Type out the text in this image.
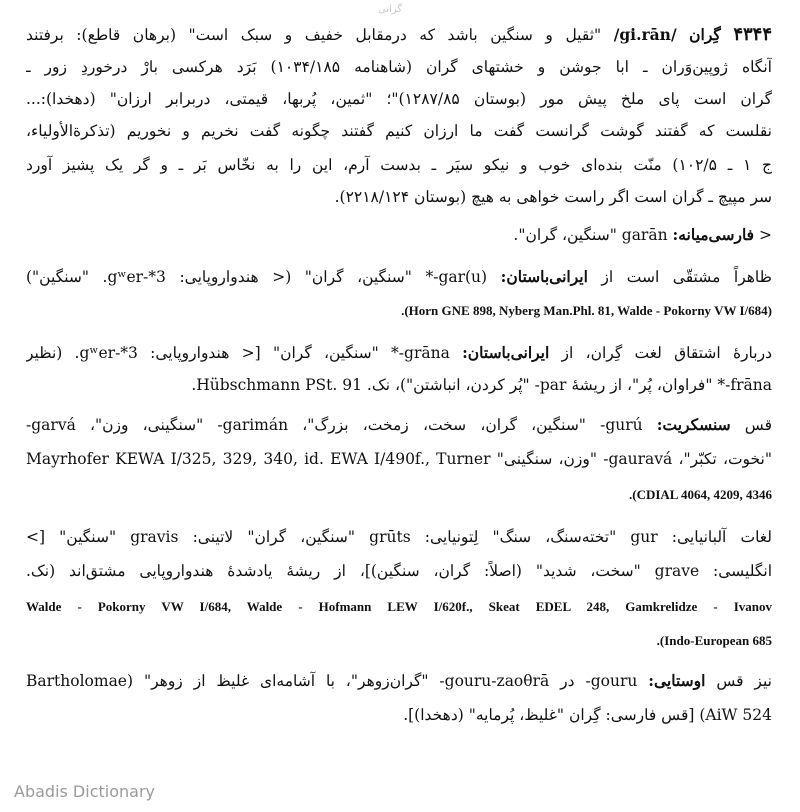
گرانی
۴۳۴۴ گِران /gi.rān/ "ثقیل و سنگین باشد که درمقابل خفیف و سبک است" (برهان قاطع): برفتند
آنگاه ژوپین‌وَران ـ ابا جوشن و خشتهای گران (شاهنامه ۱۰۳۴/۱۸۵) بَرَد هرکسی بارْ درخوردِ زور ـ
گران است پای ملخ پیش مور (بوستان ۱۲۸۷/۸۵)"؛ "ثمین، پُربها، قیمتی، دربرابر ارزان" (دهخدا):...
نقلست که گفتند گوشت گرانست گفت ما ارزان کنیم گفتند چگونه گفت نخریم و نخوریم (تذکرةالأولیاء،
ج ۱ ـ ۱۰۲/۵) منّت بنده‌ای خوب و نیکو سیَر ـ بدست آرم، این را به نخّاس بَر ـ و گر یک پشیز آورد
سر مپیچ ـ گران است اگر راست خواهی به هیچ (بوستان ۲۲۱۸/۱۲۴).
< فارسی‌میانه: garān "سنگین، گران".
ظاهراً مشتقّی است از ایرانی‌باستان: gar(u)-* "سنگین، گران" (< هندواروپایی: gʷer-*3. "سنگین")
(Horn GNE 898, Nyberg Man.Phl. 81, Walde - Pokorny VW I/684).
دربارهٔ اشتقاق لغت گِران، از ایرانی‌باستان: grāna-* "سنگین، گران" [< هندواروپایی: gʷer-*3. (نظیر
frāna-* "فراوان، پُر"، از ریشهٔ par- "پُر کردن، انباشتن")، نک. Hübschmann PSt. 91.
قس سنسکریت: gurú- "سنگین، گران، سخت، زمخت، بزرگ"، garimán- "سنگینی، وزن"، garvá-
"نخوت، تکبّر"، gauravá- "وزن، سنگینی" Mayrhofer KEWA I/325, 329, 340, id. EWA I/490f., Turner
CDIAL 4064, 4209, 4346).
لغات آلبانیایی: gur "تخته‌سنگ، سنگ" لِتونیایی: grūts "سنگین، گران" لاتینی: gravis "سنگین" [>
انگلیسی: grave "سخت، شدید" (اصلاً: گران، سنگین)]، از ریشهٔ یادشدهٔ هندواروپایی مشتق‌اند (نک.
Walde - Pokorny VW I/684, Walde - Hofmann LEW I/620f., Skeat EDEL 248, Gamkrelidze - Ivanov
Indo-European 685).
نیز قس اوستایی: gouru- در gouru-zaoθrā- "گران‌زوهر"، با آشامه‌ای غلیظ از زوهر" (Bartholomae
AiW 524) [قس فارسی: گِران "غلیظ، پُرمایه" (دهخدا)].
Abadis Dictionary
